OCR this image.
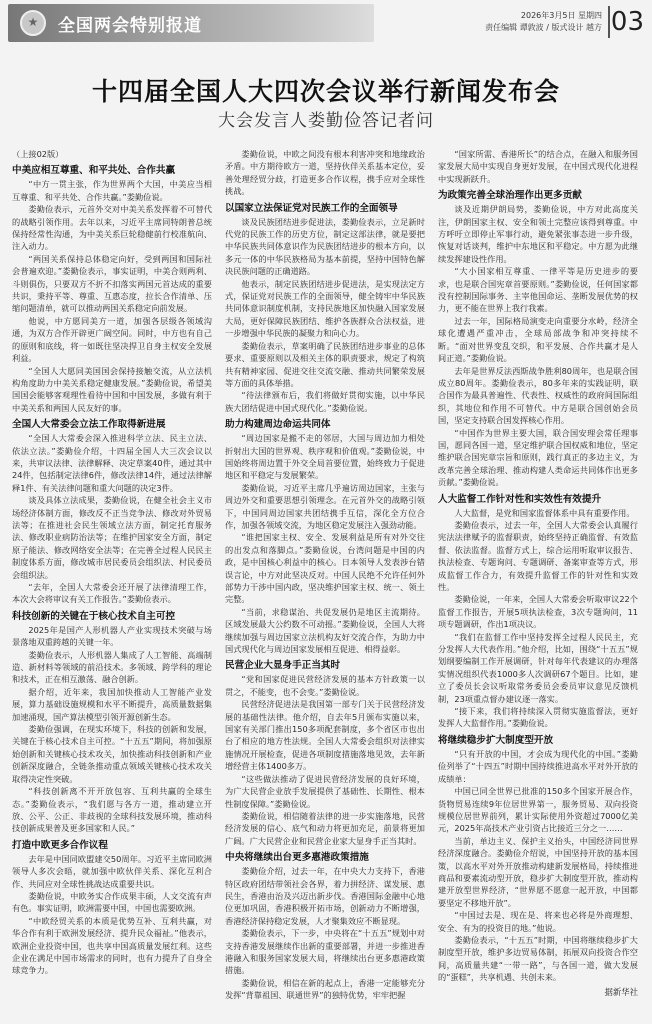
★	全国两会特别报道
2026年3月5日 星期四
责任编辑 谭敦波 / 版式设计 越方 03
十四届全国人大四次会议举行新闻发布会
大会发言人娄勤俭答记者问

（上接02版）

中美应相互尊重、和平共处、合作共赢

“中方一贯主张，作为世界两个大国，中美应当相互尊重、和平共处、合作共赢。”娄勤俭说。

娄勤俭表示，元首外交对中美关系发挥着不可替代的战略引领作用。去年以来，习近平主席同特朗普总统保持经常性沟通，为中美关系巨轮稳健前行校准航向、注入动力。

“两国关系保持总体稳定向好，受到两国和国际社会普遍欢迎。”娄勤俭表示，事实证明，中美合则两利、斗则俱伤，只要双方不折不扣落实两国元首达成的重要共识，秉持平等、尊重、互惠态度，拉长合作清单、压缩问题清单，就可以推动两国关系稳定向前发展。

他说，中方愿同美方一道，加强各层级各领域沟通，为双方合作开辟更广阔空间。同时，中方也有自己的原则和底线，将一如既往坚决捍卫自身主权安全发展利益。

“全国人大愿同美国国会保持接触交流，从立法机构角度助力中美关系稳定健康发展。”娄勤俭说，希望美国国会能够客观理性看待中国和中国发展，多做有利于中美关系和两国人民友好的事。

全国人大常委会立法工作取得新进展

“全国人大常委会深入推进科学立法、民主立法、依法立法。”娄勤俭介绍，十四届全国人大三次会议以来，共审议法律、法律解释、决定草案40件，通过其中24件，包括制定法律6件，修改法律14件，通过法律解释1件、有关法律问题和重大问题的决定3件。

谈及具体立法成果，娄勤俭说，在健全社会主义市场经济体制方面，修改反不正当竞争法、修改对外贸易法等；在推进社会民生领域立法方面，制定托育服务法、修改职业病防治法等；在维护国家安全方面，制定原子能法、修改网络安全法等；在完善全过程人民民主制度体系方面，修改城市居民委员会组织法、村民委员会组织法。

“去年，全国人大常委会还开展了法律清理工作，本次大会将审议有关工作报告。”娄勤俭表示。

科技创新的关键在于核心技术自主可控

2025年是国产人形机器人产业实现技术突破与场景落地双重跨越的关键一年。

娄勤俭表示，人形机器人集成了人工智能、高端制造、新材料等领域的前沿技术。多领域、跨学科的理论和技术，正在相互激荡、融合创新。

据介绍，近年来，我国加快推动人工智能产业发展，算力基础设施规模和水平不断提升，高质量数据集加速涌现，国产算法模型引领开源创新生态。

娄勤俭强调，在现实环境下，科技的创新和发展，关键在于核心技术自主可控。“十五五”期间，将加强原始创新和关键核心技术攻关，加快推动科技创新和产业创新深度融合，全链条推动重点领域关键核心技术攻关取得决定性突破。

“科技创新离不开开放包容、互利共赢的全球生态。”娄勤俭表示，“我们愿与各方一道，推动建立开放、公平、公正、非歧视的全球科技发展环境，推动科技创新成果普及更多国家和人民。”

打造中欧更多合作议程

去年是中国同欧盟建交50周年。习近平主席同欧洲领导人多次会晤，就加强中欧伙伴关系、深化互利合作、共同应对全球性挑战达成重要共识。

娄勤俭说，中欧务实合作成果丰硕，人文交流有声有色。事实证明，欧洲需要中国，中国也需要欧洲。

“中欧经贸关系的本质是优势互补、互利共赢，对华合作有利于欧洲发展经济、提升民众福祉。”他表示，欧洲企业投资中国，也共享中国高质量发展红利。这些企业在满足中国市场需求的同时，也有力提升了自身全球竞争力。

娄勤俭说，中欧之间没有根本利害冲突和地缘政治矛盾。中方期待欧方一道，坚持伙伴关系基本定位，妥善处理经贸分歧，打造更多合作议程，携手应对全球性挑战。

以国家立法保证党对民族工作的全面领导

谈及民族团结进步促进法，娄勤俭表示，立足新时代党的民族工作的历史方位，制定这部法律，就是要把中华民族共同体意识作为民族团结进步的根本方向，以多元一体的中华民族格局为基本前提，坚持中国特色解决民族问题的正确道路。

他表示，制定民族团结进步促进法，是实现法定方式，保证党对民族工作的全面领导，健全铸牢中华民族共同体意识制度机制，支持民族地区加快融入国家发展大局，更好保障民族团结、维护各族群众合法权益，进一步增强中华民族的凝聚力和向心力。

娄勤俭表示，草案明确了民族团结进步事业的总体要求、重要原则以及相关主体的职责要求，规定了构筑共有精神家园、促进交往交流交融、推动共同繁荣发展等方面的具体举措。

“待法律颁布后，我们将做好贯彻实施，以中华民族大团结促进中国式现代化。”娄勤俭说。

助力构建周边命运共同体

“周边国家是搬不走的邻居，大国与周边加力相处折射出大国的世界观、秩序观和价值观。”娄勤俭说，中国始终将周边置于外交全局首要位置，始终致力于促进地区和平稳定与发展繁荣。

娄勤俭说，习近平主席几乎遍访周边国家，主张与周边外交和重要思想引领理念。在元首外交的战略引领下，中国同周边国家共团结携手互信，深化全方位合作，加强各领域交流，为地区稳定发展注入强劲动能。

“谁把国家主权、安全、发展利益是所有对外交往的出发点和落脚点。”娄勤俭说，台湾问题是中国的内政，是中国核心利益中的核心。日本领导人发表涉台错误言论，中方对此坚决反对。中国人民绝不允许任何外部势力干涉中国内政，坚决维护国家主权、统一、领土完整。

“当前，求稳谋治、共促发展仍是地区主流期待。区域发展最大公约数不可动摇。”娄勤俭说，全国人大将继续加强与周边国家立法机构友好交流合作，为助力中国式现代化与周边国家发展相互促进、相得益彰。

民营企业大显身手正当其时

“党和国家促进民营经济发展的基本方针政策一以贯之，不能变，也不会变。”娄勤俭说。

民营经济促进法是我国第一部专门关于民营经济发展的基础性法律。他介绍，自去年5月颁布实施以来，国家有关部门推出150多项配套制度，多个省区市也出台了相应的地方性法规。全国人大常委会组织对法律实施情况开展检查，促进各项制度措施落地见效，去年新增经营主体1400多万。

“这些做法推动了促进民营经济发展的良好环境，为广大民营企业放手发展提供了基础性、长期性、根本性制度保障。”娄勤俭说。

娄勤俭说，相信随着法律的进一步实施落地，民营经济发展的信心、底气和动力将更加充足，前景将更加广阔。广大民营企业和民营企业家大显身手正当其时。

中央将继续出台更多惠港政策措施

娄勤俭介绍，过去一年，在中央大力支持下，香港特区政府团结带领社会各界，着力拼经济、谋发展、惠民生，香港由治及兴迈出新步伐。香港国际金融中心地位更加巩固，香港积极开拓市场，创新动力不断增强，香港经济保持稳定发展，人才聚集效应不断显现。

娄勤俭表示，下一步，中央将在“十五五”规划中对支持香港发展继续作出新的重要部署，并进一步推进香港融入和服务国家发展大局，将继续出台更多惠港政策措施。

娄勤俭说，相信在新的起点上，香港一定能够充分发挥“背靠祖国、联通世界”的独特优势，牢牢把握

“国家所需、香港所长”的结合点，在融入和服务国家发展大局中实现自身更好发展，在中国式现代化进程中实现新跃升。

为政策完善全球治理作出更多贡献

谈及近期伊朗局势，娄勤俭说，中方对此高度关注，伊朗国家主权、安全和领土完整应该得到尊重。中方呼吁立即停止军事行动，避免紧张事态进一步升级，恢复对话谈判，维护中东地区和平稳定。中方愿为此继续发挥建设性作用。

“大小国家相互尊重、一律平等是历史进步的要求，也是联合国宪章首要原则。”娄勤俭说，任何国家都没有控制国际事务、主宰他国命运、垄断发展优势的权力，更不能在世界上我行我素。

过去一年，国际格局演变走向重要分水岭，经济全球化遭遇严重冲击，全球局部战争和冲突持续不断。“面对世界变乱交织，和平发展、合作共赢才是人间正道。”娄勤俭说。

去年是世界反法西斯战争胜利80周年，也是联合国成立80周年。娄勤俭表示，80多年来的实践证明，联合国作为最具普遍性、代表性、权威性的政府间国际组织，其地位和作用不可替代。中方是联合国创始会员国，坚定支持联合国发挥核心作用。

“中国作为世界主要大国，联合国安理会常任理事国，愿同各国一道，坚定维护联合国权威和地位，坚定维护联合国宪章宗旨和原则，践行真正的多边主义，为改革完善全球治理、推动构建人类命运共同体作出更多贡献。”娄勤俭说。

人大监督工作针对性和实效性有效提升

人大监督，是党和国家监督体系中具有重要作用。

娄勤俭表示，过去一年，全国人大常委会认真履行宪法法律赋予的监督职责，始终坚持正确监督、有效监督、依法监督。监督方式上，综合运用听取审议报告、执法检查、专题询问、专题调研、备案审查等方式，形成监督工作合力，有效提升监督工作的针对性和实效性。

娄勤俭说，一年来，全国人大常委会听取审议22个监督工作报告，开展5项执法检查，3次专题询问，11项专题调研，作出1项决议。

“我们在监督工作中坚持发挥全过程人民民主，充分发挥人大代表作用。”他介绍，比如，围绕“十五五”规划纲要编制工作开展调研，针对每年代表建议的办理落实情况组织代表1000多人次调研67个题目。比如，建立了委员长会议听取常务委员会委员审议意见反馈机制，23项重点督办建议逐一落实。

“接下来，我们将持续深入贯彻实施监督法，更好发挥人大监督作用。”娄勤俭说。

将继续稳步扩大制度型开放

“只有开放的中国，才会成为现代化的中国。”娄勤俭列举了“十四五”时期中国持续推进高水平对外开放的成绩单：

中国已同全世界已批准的150多个国家开展合作，货物贸易连续9年位居世界第一，服务贸易、双向投资规模位居世界前列，累计实际使用外资超过7000亿美元，2025年高技术产业引资占比接近三分之一……

当前，单边主义、保护主义抬头，中国经济同世界经济深度融合。娄勤俭介绍说，中国坚持开放的基本国策，以高水平对外开放推动构建新发展格局，持续推进商品和要素流动型开放，稳步扩大制度型开放，推动构建开放型世界经济，“世界愿不愿意一起开放，中国都要坚定不移地开放”。

“中国过去是、现在是、将来也必将是外商理想、安全、有为的投资目的地。”他说。

娄勤俭表示，“十五五”时期，中国将继续稳步扩大制度型开放，维护多边贸易体制，拓展双向投资合作空间，高质量共建“一带一路”，与各国一道，做大发展的“蛋糕”，共享机遇、共创未来。

据新华社
